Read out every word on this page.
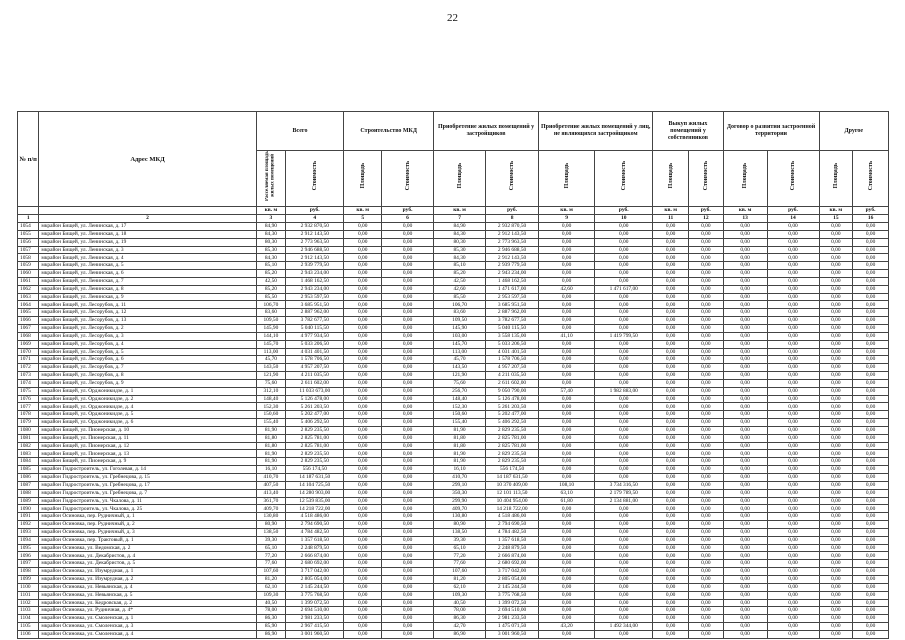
22
№ п/п	Адрес МКД	Всего		Строительство МКД		Приобретение жилых помещений у застройщиков		Приобретение жилых помещений у лиц, не являющихся застройщиком		Выкуп жилых помещений у собственников		Договор о развитии застроенной территории		Другое	
		Расселяемая площадь жилых помещений	Стоимость	Площадь	Стоимость	Площадь	Стоимость	Площадь	Стоимость	Площадь	Стоимость	Площадь	Стоимость	Площадь	Стоимость
		кв. м	руб.	кв. м	руб.	кв. м	руб.	кв. м	руб.	кв. м	руб.	кв. м	руб.	кв. м	руб.
1	2	3	4	5	6	7	8	9	10	11	12	13	14	15	16
1054	мкрайон Бищей, ул. Ленинская, д. 17	84,90	2 932 870,50	0,00	0,00	84,90	2 932 870,50	0,00	0,00	0,00	0,00	0,00	0,00	0,00	0,00
1055	мкрайон Бищей, ул. Ленинская, д. 18	84,30	2 912 143,50	0,00	0,00	84,30	2 912 143,50	0,00	0,00	0,00	0,00	0,00	0,00	0,00	0,00
1056	мкрайон Бищей, ул. Ленинская, д. 19	80,30	2 773 963,50	0,00	0,00	80,30	2 773 963,50	0,00	0,00	0,00	0,00	0,00	0,00	0,00	0,00
1057	мкрайон Бищей, ул. Ленинская, д. 3	85,30	2 946 688,50	0,00	0,00	85,30	2 946 688,50	0,00	0,00	0,00	0,00	0,00	0,00	0,00	0,00
1058	мкрайон Бищей, ул. Ленинская, д. 4	84,30	2 912 143,50	0,00	0,00	84,30	2 912 143,50	0,00	0,00	0,00	0,00	0,00	0,00	0,00	0,00
1059	мкрайон Бищей, ул. Ленинская, д. 5	85,10	2 939 779,50	0,00	0,00	85,10	2 939 779,50	0,00	0,00	0,00	0,00	0,00	0,00	0,00	0,00
1060	мкрайон Бищей, ул. Ленинская, д. 6	85,20	2 943 234,00	0,00	0,00	85,20	2 943 234,00	0,00	0,00	0,00	0,00	0,00	0,00	0,00	0,00
1061	мкрайон Бищей, ул. Ленинская, д. 7	42,50	1 468 162,50	0,00	0,00	42,50	1 468 162,50	0,00	0,00	0,00	0,00	0,00	0,00	0,00	0,00
1062	мкрайон Бищей, ул. Ленинская, д. 8	85,20	2 943 234,00	0,00	0,00	42,60	1 471 617,00	42,60	1 471 617,00	0,00	0,00	0,00	0,00	0,00	0,00
1063	мкрайон Бищей, ул. Ленинская, д. 9	85,50	2 953 597,50	0,00	0,00	85,50	2 953 597,50	0,00	0,00	0,00	0,00	0,00	0,00	0,00	0,00
1064	мкрайон Бищей, ул. Лесорубов, д. 11	106,70	3 685 951,50	0,00	0,00	106,70	3 685 951,50	0,00	0,00	0,00	0,00	0,00	0,00	0,00	0,00
1065	мкрайон Бищей, ул. Лесорубов, д. 12	83,60	2 887 962,00	0,00	0,00	83,60	2 887 962,00	0,00	0,00	0,00	0,00	0,00	0,00	0,00	0,00
1066	мкрайон Бищей, ул. Лесорубов, д. 13	109,50	3 782 677,50	0,00	0,00	109,50	3 782 677,50	0,00	0,00	0,00	0,00	0,00	0,00	0,00	0,00
1067	мкрайон Бищей, ул. Лесорубов, д. 2	145,90	5 040 115,50	0,00	0,00	145,90	5 040 115,50	0,00	0,00	0,00	0,00	0,00	0,00	0,00	0,00
1068	мкрайон Бищей, ул. Лесорубов, д. 3	144,10	4 977 934,50	0,00	0,00	103,00	3 558 135,00	41,10	1 419 799,50	0,00	0,00	0,00	0,00	0,00	0,00
1069	мкрайон Бищей, ул. Лесорубов, д. 4	145,70	5 033 206,50	0,00	0,00	145,70	5 033 206,50	0,00	0,00	0,00	0,00	0,00	0,00	0,00	0,00
1070	мкрайон Бищей, ул. Лесорубов, д. 5	113,00	4 031 401,50	0,00	0,00	113,00	4 031 401,50	0,00	0,00	0,00	0,00	0,00	0,00	0,00	0,00
1071	мкрайон Бищей, ул. Лесорубов, д. 6	45,70	1 578 706,50	0,00	0,00	45,70	1 578 706,50	0,00	0,00	0,00	0,00	0,00	0,00	0,00	0,00
1072	мкрайон Бищей, ул. Лесорубов, д. 7	143,50	4 957 207,50	0,00	0,00	143,50	4 957 207,50	0,00	0,00	0,00	0,00	0,00	0,00	0,00	0,00
1073	мкрайон Бищей, ул. Лесорубов, д. 8	121,90	4 211 035,50	0,00	0,00	121,90	4 211 035,50	0,00	0,00	0,00	0,00	0,00	0,00	0,00	0,00
1074	мкрайон Бищей, ул. Лесорубов, д. 9	75,60	2 611 602,00	0,00	0,00	75,60	2 611 602,00	0,00	0,00	0,00	0,00	0,00	0,00	0,00	0,00
1075	мкрайон Бищей, ул. Орджоникидзе, д. 1	312,10	11 033 673,00	0,00	0,00	256,70	9 050 790,00	57,40	1 982 883,00	0,00	0,00	0,00	0,00	0,00	0,00
1076	мкрайон Бищей, ул. Орджоникидзе, д. 2	148,40	5 126 478,00	0,00	0,00	148,40	5 126 478,00	0,00	0,00	0,00	0,00	0,00	0,00	0,00	0,00
1077	мкрайон Бищей, ул. Орджоникидзе, д. 4	152,30	5 261 203,50	0,00	0,00	152,30	5 261 203,50	0,00	0,00	0,00	0,00	0,00	0,00	0,00	0,00
1078	мкрайон Бищей, ул. Орджоникидзе, д. 5	150,60	5 202 477,00	0,00	0,00	150,60	5 202 477,00	0,00	0,00	0,00	0,00	0,00	0,00	0,00	0,00
1079	мкрайон Бищей, ул. Орджоникидзе, д. 6	155,40	5 406 292,50	0,00	0,00	155,40	5 406 292,50	0,00	0,00	0,00	0,00	0,00	0,00	0,00	0,00
1080	мкрайон Бищей, ул. Пионерская, д. 10	81,90	2 829 235,50	0,00	0,00	81,90	2 829 235,50	0,00	0,00	0,00	0,00	0,00	0,00	0,00	0,00
1081	мкрайон Бищей, ул. Пионерская, д. 11	81,80	2 825 781,00	0,00	0,00	81,80	2 825 781,00	0,00	0,00	0,00	0,00	0,00	0,00	0,00	0,00
1082	мкрайон Бищей, ул. Пионерская, д. 12	81,80	2 825 781,00	0,00	0,00	81,80	2 825 781,00	0,00	0,00	0,00	0,00	0,00	0,00	0,00	0,00
1083	мкрайон Бищей, ул. Пионерская, д. 13	81,90	2 829 235,50	0,00	0,00	81,90	2 829 235,50	0,00	0,00	0,00	0,00	0,00	0,00	0,00	0,00
1084	мкрайон Бищей, ул. Пионерская, д. 9	81,90	2 829 235,50	0,00	0,00	81,90	2 829 235,50	0,00	0,00	0,00	0,00	0,00	0,00	0,00	0,00
1085	мкрайон Гидростроитель, ул. Гоголевая, д. 14	16,10	556 174,50	0,00	0,00	16,10	556 174,50	0,00	0,00	0,00	0,00	0,00	0,00	0,00	0,00
1086	мкрайон Гидростроитель, ул. Гребнецова, д. 15	410,70	14 187 631,50	0,00	0,00	410,70	14 187 631,50	0,00	0,00	0,00	0,00	0,00	0,00	0,00	0,00
1087	мкрайон Гидростроитель, ул. Гребнецова, д. 17	407,50	14 104 725,50	0,00	0,00	299,10	10 370 409,00	108,10	3 734 316,50	0,00	0,00	0,00	0,00	0,00	0,00
1088	мкрайон Гидростроитель, ул. Гребнецова, д. 7	413,40	14 280 903,00	0,00	0,00	350,30	12 101 113,50	63,10	2 179 789,50	0,00	0,00	0,00	0,00	0,00	0,00
1089	мкрайон Гидростроитель, ул. Чкалова, д. 11	361,70	12 539 835,00	0,00	0,00	299,90	10 404 954,00	61,80	2 134 881,00	0,00	0,00	0,00	0,00	0,00	0,00
1090	мкрайон Гидростроитель, ул. Чкалова, д. 25	409,70	14 218 722,00	0,00	0,00	409,70	14 218 722,00	0,00	0,00	0,00	0,00	0,00	0,00	0,00	0,00
1091	мкрайон Осиновка, пер. Рудничный, д. 1	130,80	4 518 486,00	0,00	0,00	130,80	4 518 486,00	0,00	0,00	0,00	0,00	0,00	0,00	0,00	0,00
1092	мкрайон Осиновка, пер. Рудничный, д. 2	80,90	2 794 690,50	0,00	0,00	80,90	2 794 690,50	0,00	0,00	0,00	0,00	0,00	0,00	0,00	0,00
1093	мкрайон Осиновка, пер. Рудничный, д. 3	138,50	4 784 482,50	0,00	0,00	138,50	4 784 482,50	0,00	0,00	0,00	0,00	0,00	0,00	0,00	0,00
1094	мкрайон Осиновка, пер. Трактовый, д. 1	39,30	1 357 618,50	0,00	0,00	39,30	1 357 618,50	0,00	0,00	0,00	0,00	0,00	0,00	0,00	0,00
1095	мкрайон Осиновка, ул. Ведомская, д. 2	65,10	2 248 879,50	0,00	0,00	65,10	2 248 879,50	0,00	0,00	0,00	0,00	0,00	0,00	0,00	0,00
1096	мкрайон Осиновка, ул. Декабристов, д. 4	77,20	2 666 874,00	0,00	0,00	77,20	2 666 874,00	0,00	0,00	0,00	0,00	0,00	0,00	0,00	0,00
1097	мкрайон Осиновка, ул. Декабристов, д. 5	77,60	2 680 692,00	0,00	0,00	77,60	2 680 692,00	0,00	0,00	0,00	0,00	0,00	0,00	0,00	0,00
1098	мкрайон Осиновка, ул. Изумрудная, д. 1	107,60	3 717 042,00	0,00	0,00	107,60	3 717 042,00	0,00	0,00	0,00	0,00	0,00	0,00	0,00	0,00
1099	мкрайон Осиновка, ул. Изумрудная, д. 2	81,20	2 805 054,00	0,00	0,00	81,20	2 805 054,00	0,00	0,00	0,00	0,00	0,00	0,00	0,00	0,00
1100	мкрайон Осиновка, ул. Невьянская, д. 4	62,10	2 145 244,50	0,00	0,00	62,10	2 145 244,50	0,00	0,00	0,00	0,00	0,00	0,00	0,00	0,00
1101	мкрайон Осиновка, ул. Невьянская, д. 5	109,30	3 775 768,50	0,00	0,00	109,30	3 775 768,50	0,00	0,00	0,00	0,00	0,00	0,00	0,00	0,00
1102	мкрайон Осиновка, ул. Кедровская, д. 2	40,50	1 399 072,50	0,00	0,00	40,50	1 399 072,50	0,00	0,00	0,00	0,00	0,00	0,00	0,00	0,00
1103	мкрайон Осиновка, ул. Рудничная, д. 4*	78,00	2 694 510,00	0,00	0,00	78,00	2 694 510,00	0,00	0,00	0,00	0,00	0,00	0,00	0,00	0,00
1104	мкрайон Осиновка, ул. Смоленская, д. 1	86,30	2 981 233,50	0,00	0,00	86,30	2 981 233,50	0,00	0,00	0,00	0,00	0,00	0,00	0,00	0,00
1105	мкрайон Осиновка, ул. Смоленская, д. 3	85,90	2 967 415,50	0,00	0,00	42,70	1 475 071,50	43,20	1 492 344,00	0,00	0,00	0,00	0,00	0,00	0,00
1106	мкрайон Осиновка, ул. Смоленская, д. 4	86,90	3 001 960,50	0,00	0,00	86,90	3 001 960,50	0,00	0,00	0,00	0,00	0,00	0,00	0,00	0,00
